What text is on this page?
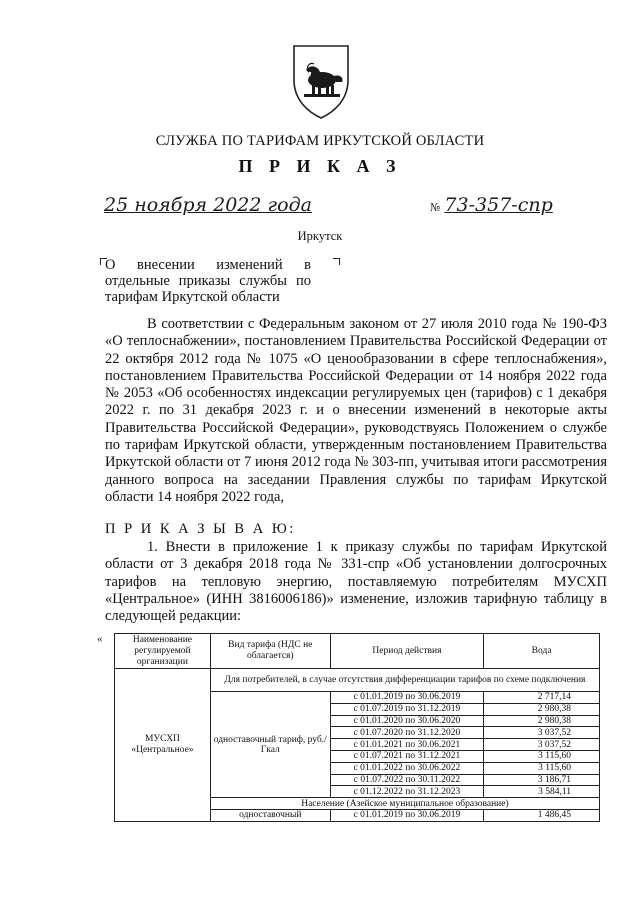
СЛУЖБА ПО ТАРИФАМ ИРКУТСКОЙ ОБЛАСТИ
П Р И К А З
25 ноября 2022 года	№ 73-357-спр
Иркутск
О внесении изменений в отдельные приказы службы по тарифам Иркутской области

В соответствии с Федеральным законом от 27 июля 2010 года № 190-ФЗ «О теплоснабжении», постановлением Правительства Российской Федерации от 22 октября 2012 года № 1075 «О ценообразовании в сфере теплоснабжения», постановлением Правительства Российской Федерации от 14 ноября 2022 года № 2053 «Об особенностях индексации регулируемых цен (тарифов) с 1 декабря 2022 г. по 31 декабря 2023 г. и о внесении изменений в некоторые акты Правительства Российской Федерации», руководствуясь Положением о службе по тарифам Иркутской области, утвержденным постановлением Правительства Иркутской области от 7 июня 2012 года № 303-пп, учитывая итоги рассмотрения данного вопроса на заседании Правления службы по тарифам Иркутской области 14 ноября 2022 года,

П Р И К А З Ы В А Ю:

1. Внести в приложение 1 к приказу службы по тарифам Иркутской области от 3 декабря 2018 года № 331-спр «Об установлении долгосрочных тарифов на тепловую энергию, поставляемую потребителям МУСХП «Центральное» (ИНН 3816006186)» изменение, изложив тарифную таблицу в следующей редакции:

«	Наименование регулируемой организации	Вид тарифа (НДС не облагается)	Период действия	Вода
МУСХП «Центральное»	Для потребителей, в случае отсутствия дифференциации тарифов по схеме подключения		
	одноставочный тариф, руб./Гкал	с 01.01.2019 по 30.06.2019	2 717,14
		с 01.07.2019 по 31.12.2019	2 980,38
		с 01.01.2020 по 30.06.2020	2 980,38
		с 01.07.2020 по 31.12.2020	3 037,52
		с 01.01.2021 по 30.06.2021	3 037,52
		с 01.07.2021 по 31.12.2021	3 115,60
		с 01.01.2022 по 30.06.2022	3 115,60
		с 01.07.2022 по 30.11.2022	3 186,71
		с 01.12.2022 по 31.12.2023	3 584,11
	Население (Азейское муниципальное образование)		
	одноставочный	с 01.01.2019 по 30.06.2019	1 486,45
